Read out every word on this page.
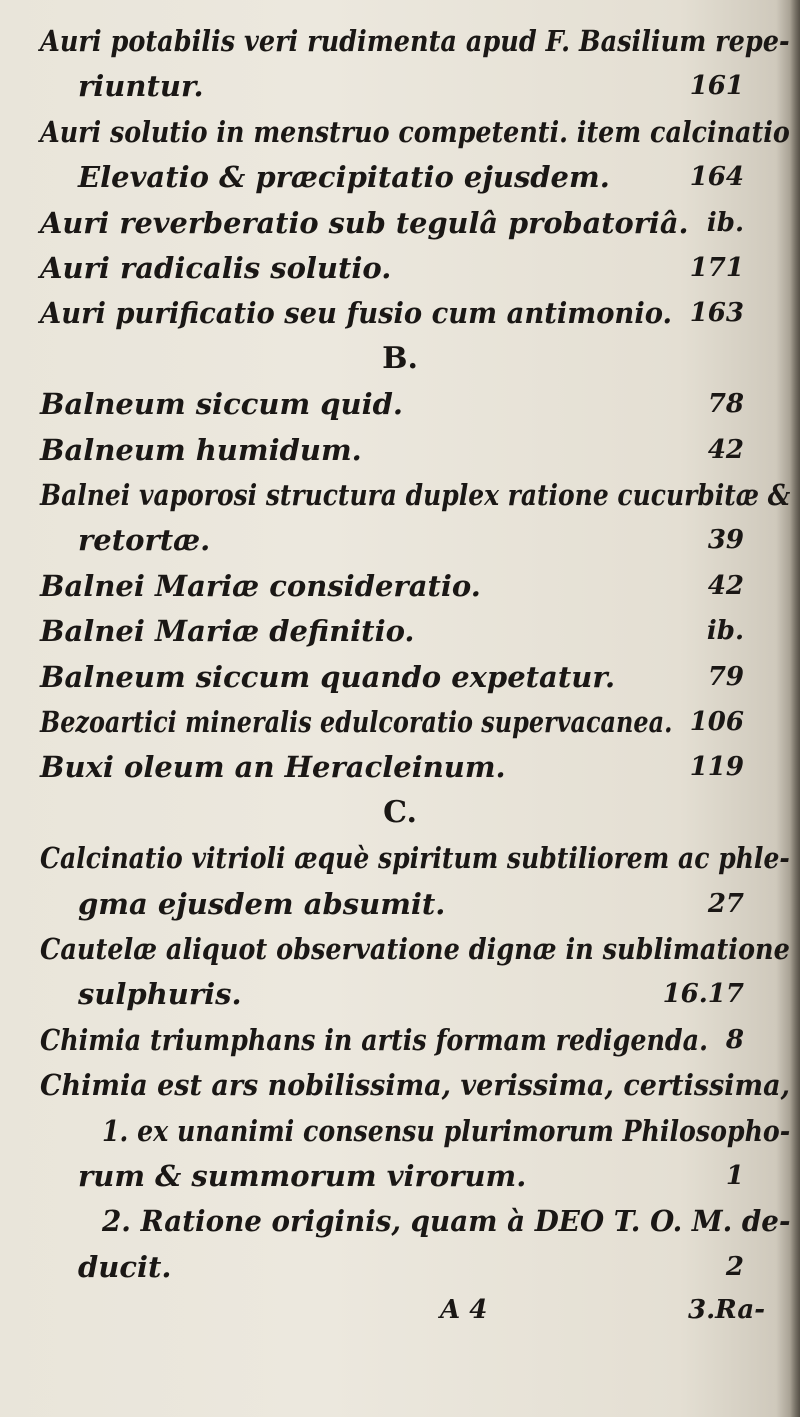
Auri potabilis veri rudimenta apud F. Basilium repe-
riuntur.	161
Auri solutio in menstruo competenti. item calcinatio
Elevatio & præcipitatio ejusdem.	164
Auri reverberatio sub tegulâ probatoriâ. ib.
Auri radicalis solutio.	171
Auri purificatio seu fusio cum antimonio. 163
B.
Balneum siccum quid.	78
Balneum humidum.	42
Balnei vaporosi structura duplex ratione cucurbitæ &
retortæ.	39
Balnei Mariæ consideratio.	42
Balnei Mariæ definitio.	ib.
Balneum siccum quando expetatur.	79
Bezoartici mineralis edulcoratio supervacanea. 106
Buxi oleum an Heracleinum.	119
C.
Calcinatio vitrioli æquè spiritum subtiliorem ac phle-
gma ejusdem absumit.	27
Cautelæ aliquot observatione dignæ in sublimatione
sulphuris.	16.17
Chimia triumphans in artis formam redigenda. 8
Chimia est ars nobilissima, verissima, certissima,
1. ex unanimi consensu plurimorum Philosopho-
rum & summorum virorum.	1
2. Ratione originis, quam à DEO T. O. M. de-
ducit.	2
A 4	3.Ra-
